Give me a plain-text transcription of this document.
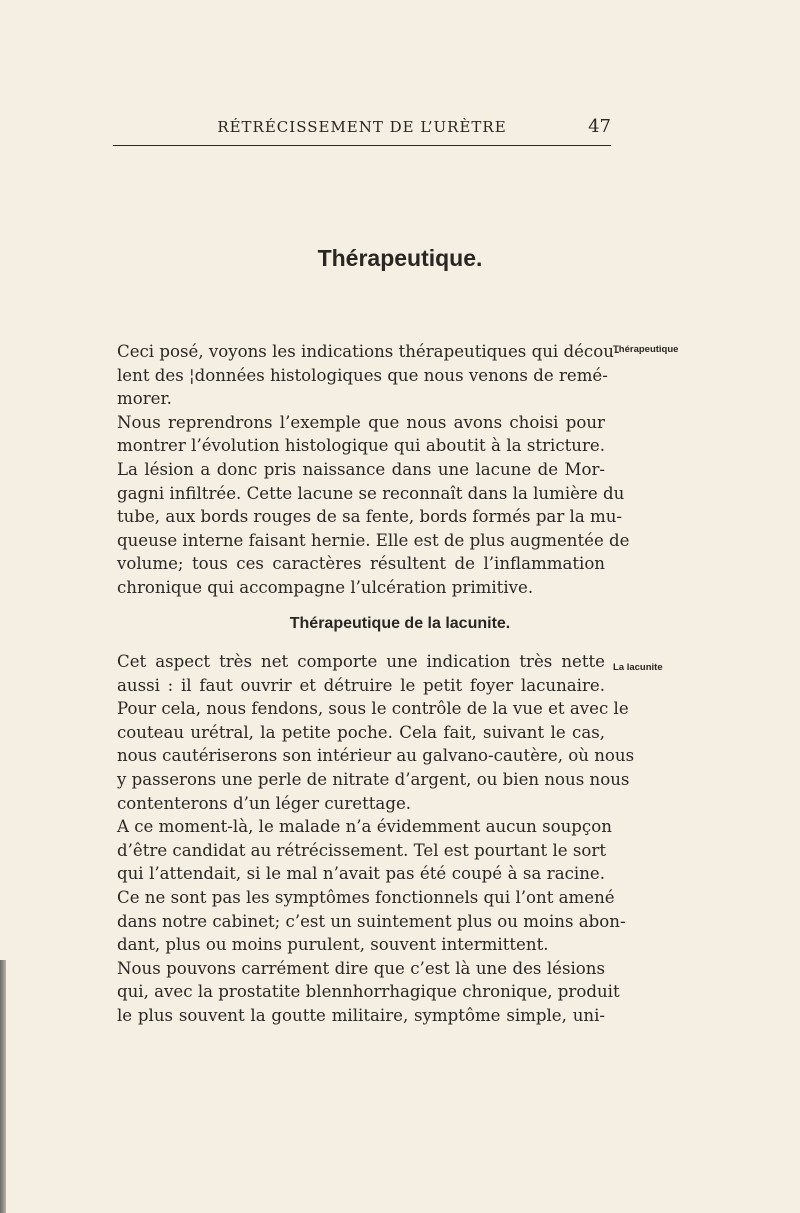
RÉTRÉCISSEMENT DE L’URÈTRE	47
Thérapeutique.
Thérapeutique
Ceci posé, voyons les indications thérapeutiques qui décou-
lent des ¦données histologiques que nous venons de remé-
morer.
Nous reprendrons l’exemple que nous avons choisi pour
montrer l’évolution histologique qui aboutit à la stricture.
La lésion a donc pris naissance dans une lacune de Mor-
gagni infiltrée. Cette lacune se reconnaît dans la lumière du
tube, aux bords rouges de sa fente, bords formés par la mu-
queuse interne faisant hernie. Elle est de plus augmentée de
volume; tous ces caractères résultent de l’inflammation
chronique qui accompagne l’ulcération primitive.
Thérapeutique de la lacunite.
La lacunite
Cet aspect très net comporte une indication très nette
aussi : il faut ouvrir et détruire le petit foyer lacunaire.
Pour cela, nous fendons, sous le contrôle de la vue et avec le
couteau urétral, la petite poche. Cela fait, suivant le cas,
nous cautériserons son intérieur au galvano-cautère, où nous
y passerons une perle de nitrate d’argent, ou bien nous nous
contenterons d’un léger curettage.
A ce moment-là, le malade n’a évidemment aucun soupçon
d’être candidat au rétrécissement. Tel est pourtant le sort
qui l’attendait, si le mal n’avait pas été coupé à sa racine.
Ce ne sont pas les symptômes fonctionnels qui l’ont amené
dans notre cabinet; c’est un suintement plus ou moins abon-
dant, plus ou moins purulent, souvent intermittent.
Nous pouvons carrément dire que c’est là une des lésions
qui, avec la prostatite blennhorrhagique chronique, produit
le plus souvent la goutte militaire, symptôme simple, uni-
